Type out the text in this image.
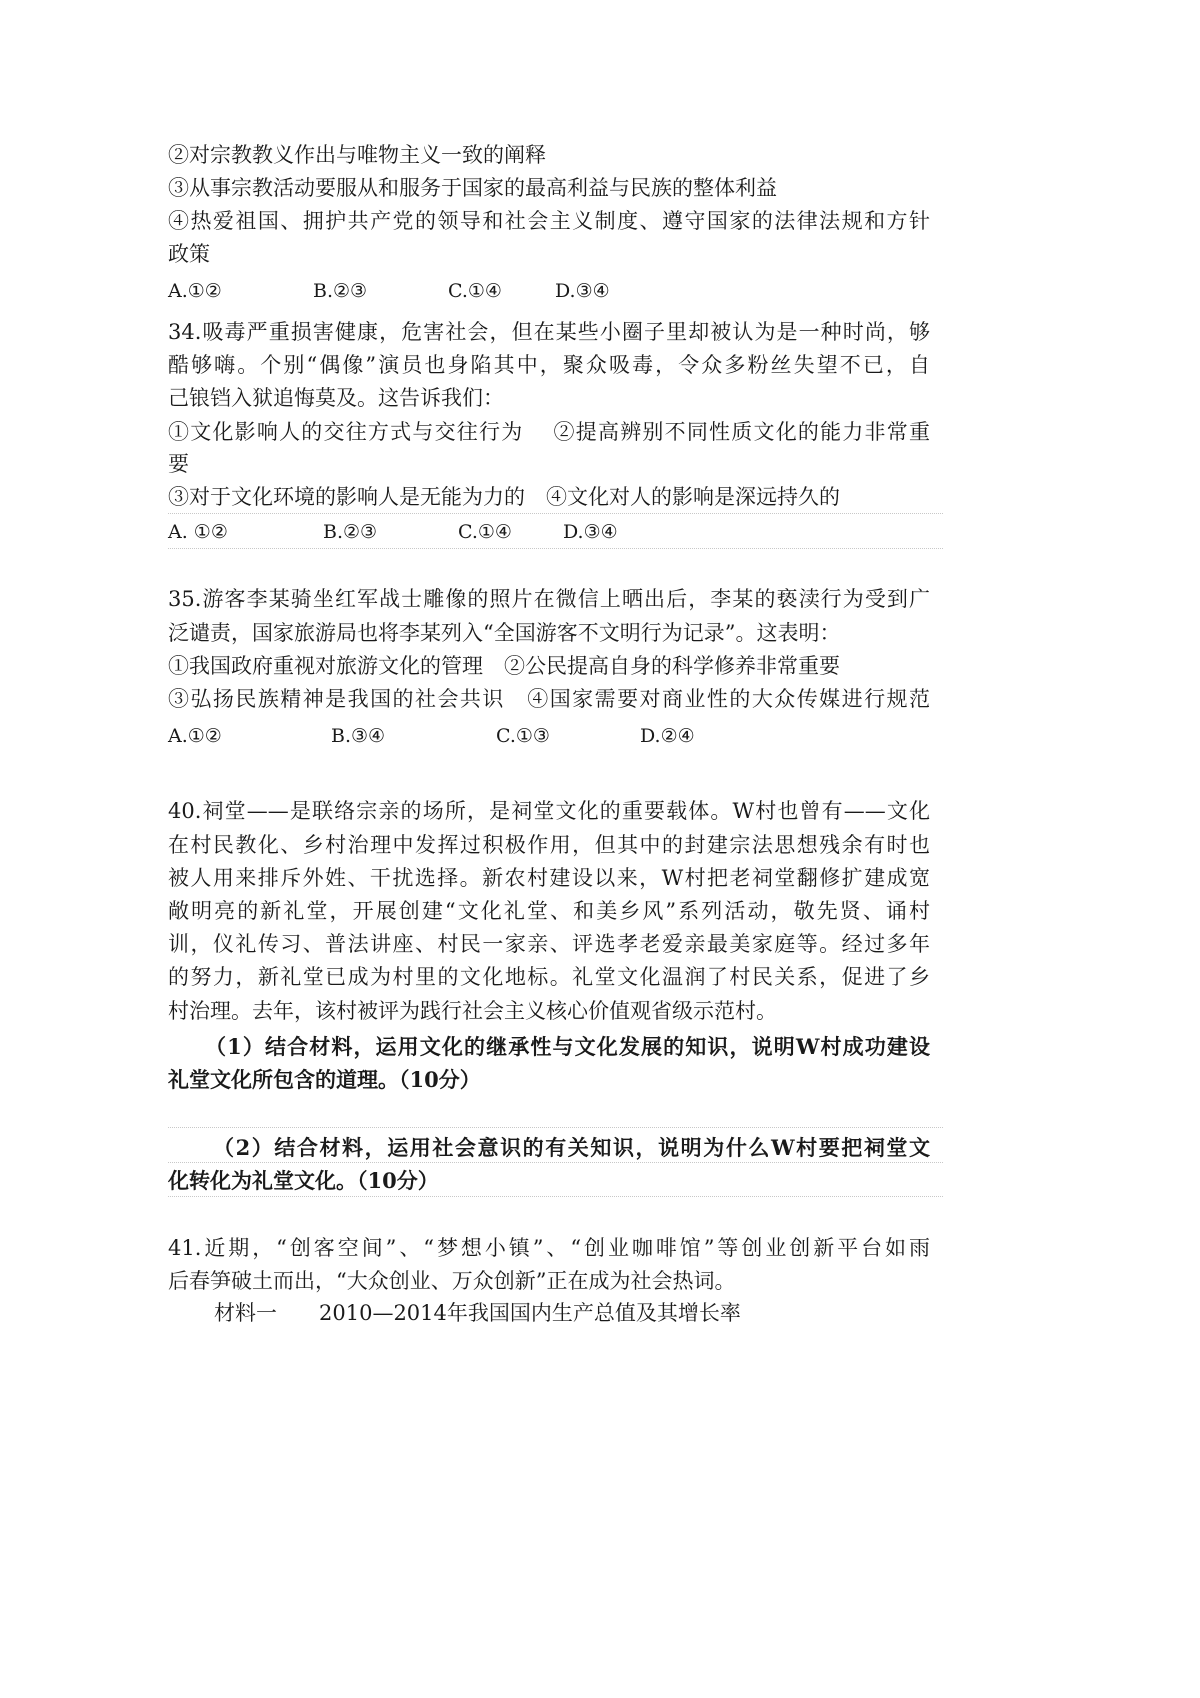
②对宗教教义作出与唯物主义一致的阐释
③从事宗教活动要服从和服务于国家的最高利益与民族的整体利益
④热爱祖国、拥护共产党的领导和社会主义制度、遵守国家的法律法规和方针
政策
A.①②	B.②③	C.①④	D.③④
34.吸毒严重损害健康，危害社会，但在某些小圈子里却被认为是一种时尚，够
酷够嗨。个别“偶像”演员也身陷其中，聚众吸毒，令众多粉丝失望不已，自
己锒铛入狱追悔莫及。这告诉我们：
①文化影响人的交往方式与交往行为　 ②提高辨别不同性质文化的能力非常重
要
③对于文化环境的影响人是无能为力的　④文化对人的影响是深远持久的
A. ①②	B.②③	C.①④	D.③④
35.游客李某骑坐红军战士雕像的照片在微信上晒出后，李某的亵渎行为受到广
泛谴责，国家旅游局也将李某列入“全国游客不文明行为记录”。这表明：
①我国政府重视对旅游文化的管理　②公民提高自身的科学修养非常重要
③弘扬民族精神是我国的社会共识　④国家需要对商业性的大众传媒进行规范
A.①②	B.③④	C.①③	D.②④
40.祠堂——是联络宗亲的场所，是祠堂文化的重要载体。W村也曾有——文化
在村民教化、乡村治理中发挥过积极作用，但其中的封建宗法思想残余有时也
被人用来排斥外姓、干扰选择。新农村建设以来，W村把老祠堂翻修扩建成宽
敞明亮的新礼堂，开展创建“文化礼堂、和美乡风”系列活动，敬先贤、诵村
训，仪礼传习、普法讲座、村民一家亲、评选孝老爱亲最美家庭等。经过多年
的努力，新礼堂已成为村里的文化地标。礼堂文化温润了村民关系，促进了乡
村治理。去年，该村被评为践行社会主义核心价值观省级示范村。
（1）结合材料，运用文化的继承性与文化发展的知识，说明W村成功建设
礼堂文化所包含的道理。（10分）
（2）结合材料，运用社会意识的有关知识，说明为什么W村要把祠堂文
化转化为礼堂文化。（10分）
41.近期，“创客空间”、“梦想小镇”、“创业咖啡馆”等创业创新平台如雨
后春笋破土而出，“大众创业、万众创新”正在成为社会热词。
材料一　　2010—2014年我国国内生产总值及其增长率
